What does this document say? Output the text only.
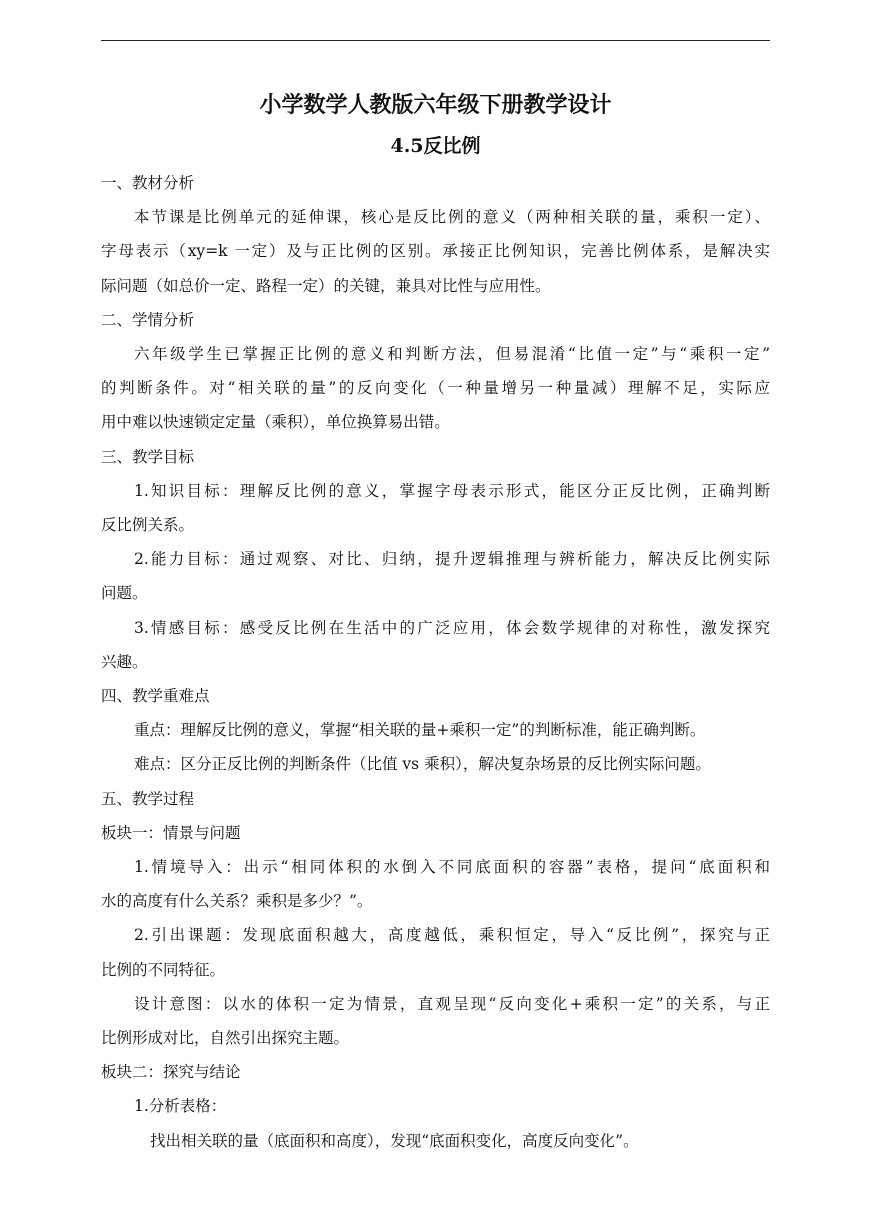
小学数学人教版六年级下册教学设计

4.5反比例

一、教材分析

本节课是比例单元的延伸课，核心是反比例的意义（两种相关联的量，乘积一定）、

字母表示（xy=k 一定）及与正比例的区别。承接正比例知识，完善比例体系，是解决实

际问题（如总价一定、路程一定）的关键，兼具对比性与应用性。

二、学情分析

六年级学生已掌握正比例的意义和判断方法，但易混淆“比值一定”与“乘积一定”

的判断条件。对“相关联的量”的反向变化（一种量增另一种量减）理解不足，实际应

用中难以快速锁定定量（乘积），单位换算易出错。

三、教学目标

1.知识目标：理解反比例的意义，掌握字母表示形式，能区分正反比例，正确判断

反比例关系。

2.能力目标：通过观察、对比、归纳，提升逻辑推理与辨析能力，解决反比例实际

问题。

3.情感目标：感受反比例在生活中的广泛应用，体会数学规律的对称性，激发探究

兴趣。

四、教学重难点

重点：理解反比例的意义，掌握“相关联的量+乘积一定”的判断标准，能正确判断。

难点：区分正反比例的判断条件（比值 vs 乘积），解决复杂场景的反比例实际问题。

五、教学过程

板块一：情景与问题

1.情境导入：出示“相同体积的水倒入不同底面积的容器”表格，提问“底面积和

水的高度有什么关系？乘积是多少？”。

2.引出课题：发现底面积越大，高度越低，乘积恒定，导入“反比例”，探究与正

比例的不同特征。

设计意图：以水的体积一定为情景，直观呈现“反向变化+乘积一定”的关系，与正

比例形成对比，自然引出探究主题。

板块二：探究与结论

1.分析表格：

找出相关联的量（底面积和高度），发现“底面积变化，高度反向变化”。
